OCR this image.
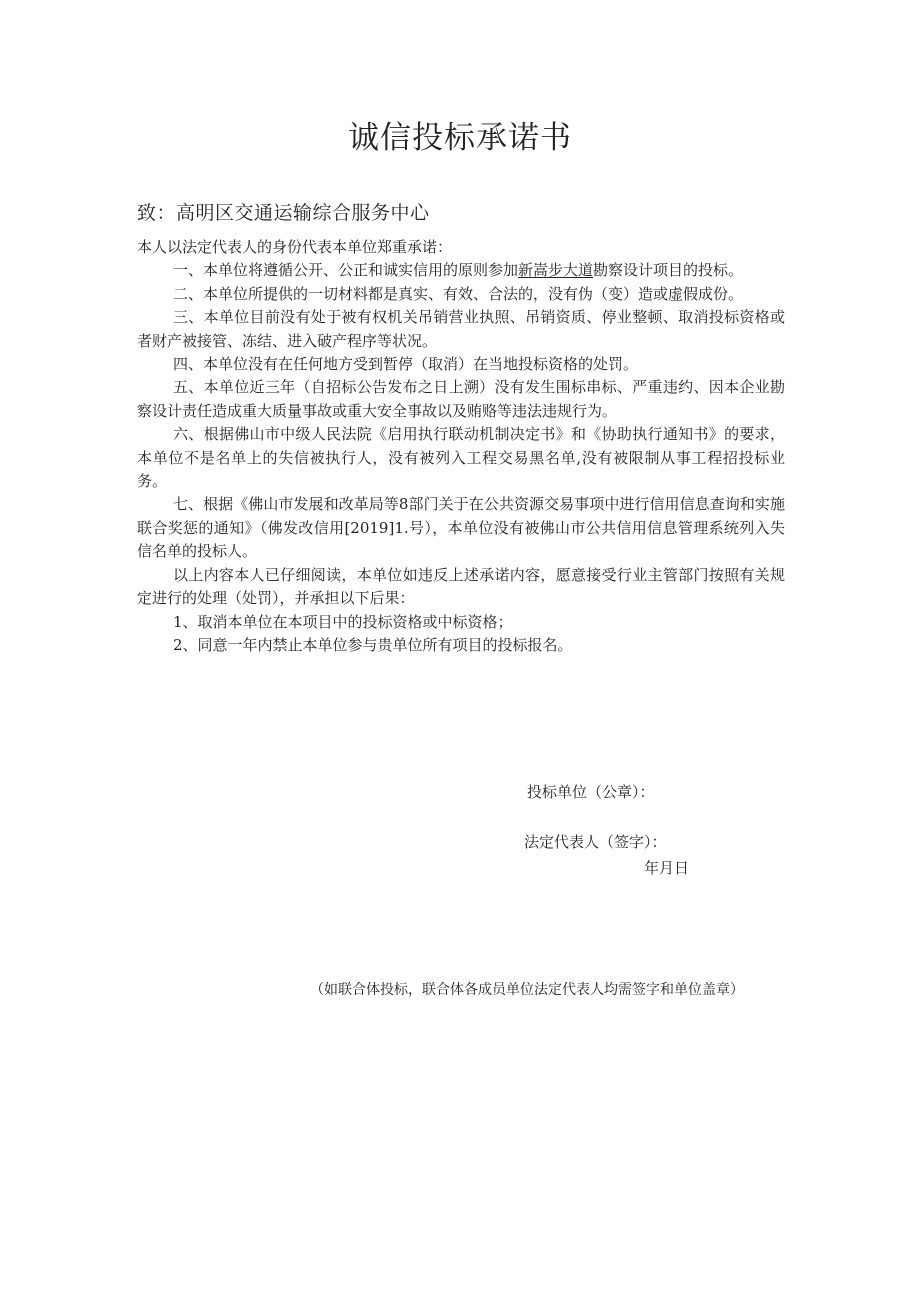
诚信投标承诺书
致：高明区交通运输综合服务中心

本人以法定代表人的身份代表本单位郑重承诺：

一、本单位将遵循公开、公正和诚实信用的原则参加新嵩步大道勘察设计项目的投标。

二、本单位所提供的一切材料都是真实、有效、合法的，没有伪（变）造或虚假成份。

三、本单位目前没有处于被有权机关吊销营业执照、吊销资质、停业整顿、取消投标资格或者财产被接管、冻结、进入破产程序等状况。

四、本单位没有在任何地方受到暂停（取消）在当地投标资格的处罚。

五、本单位近三年（自招标公告发布之日上溯）没有发生围标串标、严重违约、因本企业勘察设计责任造成重大质量事故或重大安全事故以及贿赂等违法违规行为。

六、根据佛山市中级人民法院《启用执行联动机制决定书》和《协助执行通知书》的要求，本单位不是名单上的失信被执行人，没有被列入工程交易黑名单,没有被限制从事工程招投标业务。

七、根据《佛山市发展和改革局等8部门关于在公共资源交易事项中进行信用信息查询和实施联合奖惩的通知》（佛发改信用[2019]1.号），本单位没有被佛山市公共信用信息管理系统列入失信名单的投标人。

以上内容本人已仔细阅读，本单位如违反上述承诺内容，愿意接受行业主管部门按照有关规定进行的处理（处罚），并承担以下后果：

1、取消本单位在本项目中的投标资格或中标资格；

2、同意一年内禁止本单位参与贵单位所有项目的投标报名。

投标单位（公章）：
法定代表人（签字）：
年月日
（如联合体投标，联合体各成员单位法定代表人均需签字和单位盖章）
